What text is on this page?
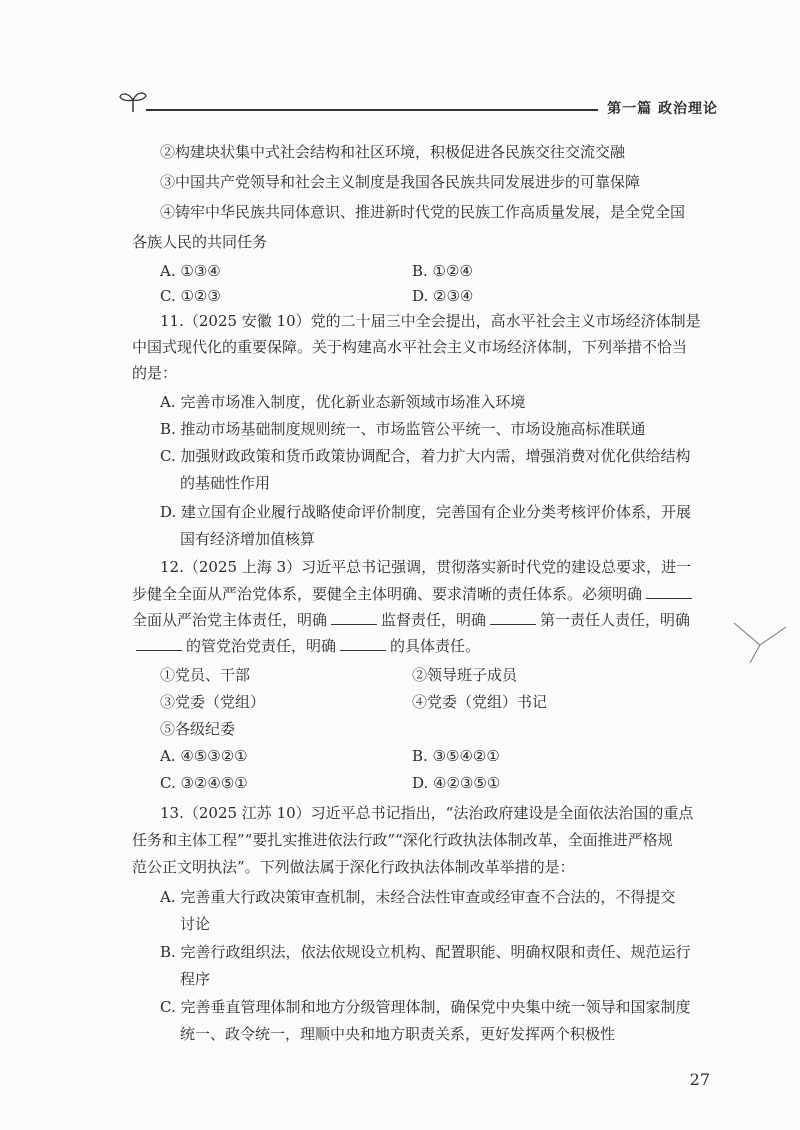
第一篇 政治理论
②构建块状集中式社会结构和社区环境，积极促进各民族交往交流交融
③中国共产党领导和社会主义制度是我国各民族共同发展进步的可靠保障
④铸牢中华民族共同体意识、推进新时代党的民族工作高质量发展，是全党全国
各族人民的共同任务
A. ①③④	B. ①②④
C. ①②③	D. ②③④
11.（2025 安徽 10）党的二十届三中全会提出，高水平社会主义市场经济体制是
中国式现代化的重要保障。关于构建高水平社会主义市场经济体制，下列举措不恰当
的是：
A. 完善市场准入制度，优化新业态新领域市场准入环境
B. 推动市场基础制度规则统一、市场监管公平统一、市场设施高标准联通
C. 加强财政政策和货币政策协调配合，着力扩大内需，增强消费对优化供给结构
的基础性作用
D. 建立国有企业履行战略使命评价制度，完善国有企业分类考核评价体系，开展
国有经济增加值核算
12.（2025 上海 3）习近平总书记强调，贯彻落实新时代党的建设总要求，进一
步健全全面从严治党体系，要健全主体明确、要求清晰的责任体系。必须明确
全面从严治党主体责任，明确	监督责任，明确	第一责任人责任，明确
的管党治党责任，明确	的具体责任。
①党员、干部	②领导班子成员
③党委（党组）	④党委（党组）书记
⑤各级纪委
A. ④⑤③②①	B. ③⑤④②①
C. ③②④⑤①	D. ④②③⑤①
13.（2025 江苏 10）习近平总书记指出，“法治政府建设是全面依法治国的重点
任务和主体工程”“要扎实推进依法行政”“深化行政执法体制改革，全面推进严格规
范公正文明执法”。下列做法属于深化行政执法体制改革举措的是：
A. 完善重大行政决策审查机制，未经合法性审查或经审查不合法的，不得提交
讨论
B. 完善行政组织法，依法依规设立机构、配置职能、明确权限和责任、规范运行
程序
C. 完善垂直管理体制和地方分级管理体制，确保党中央集中统一领导和国家制度
统一、政令统一，理顺中央和地方职责关系，更好发挥两个积极性
27
